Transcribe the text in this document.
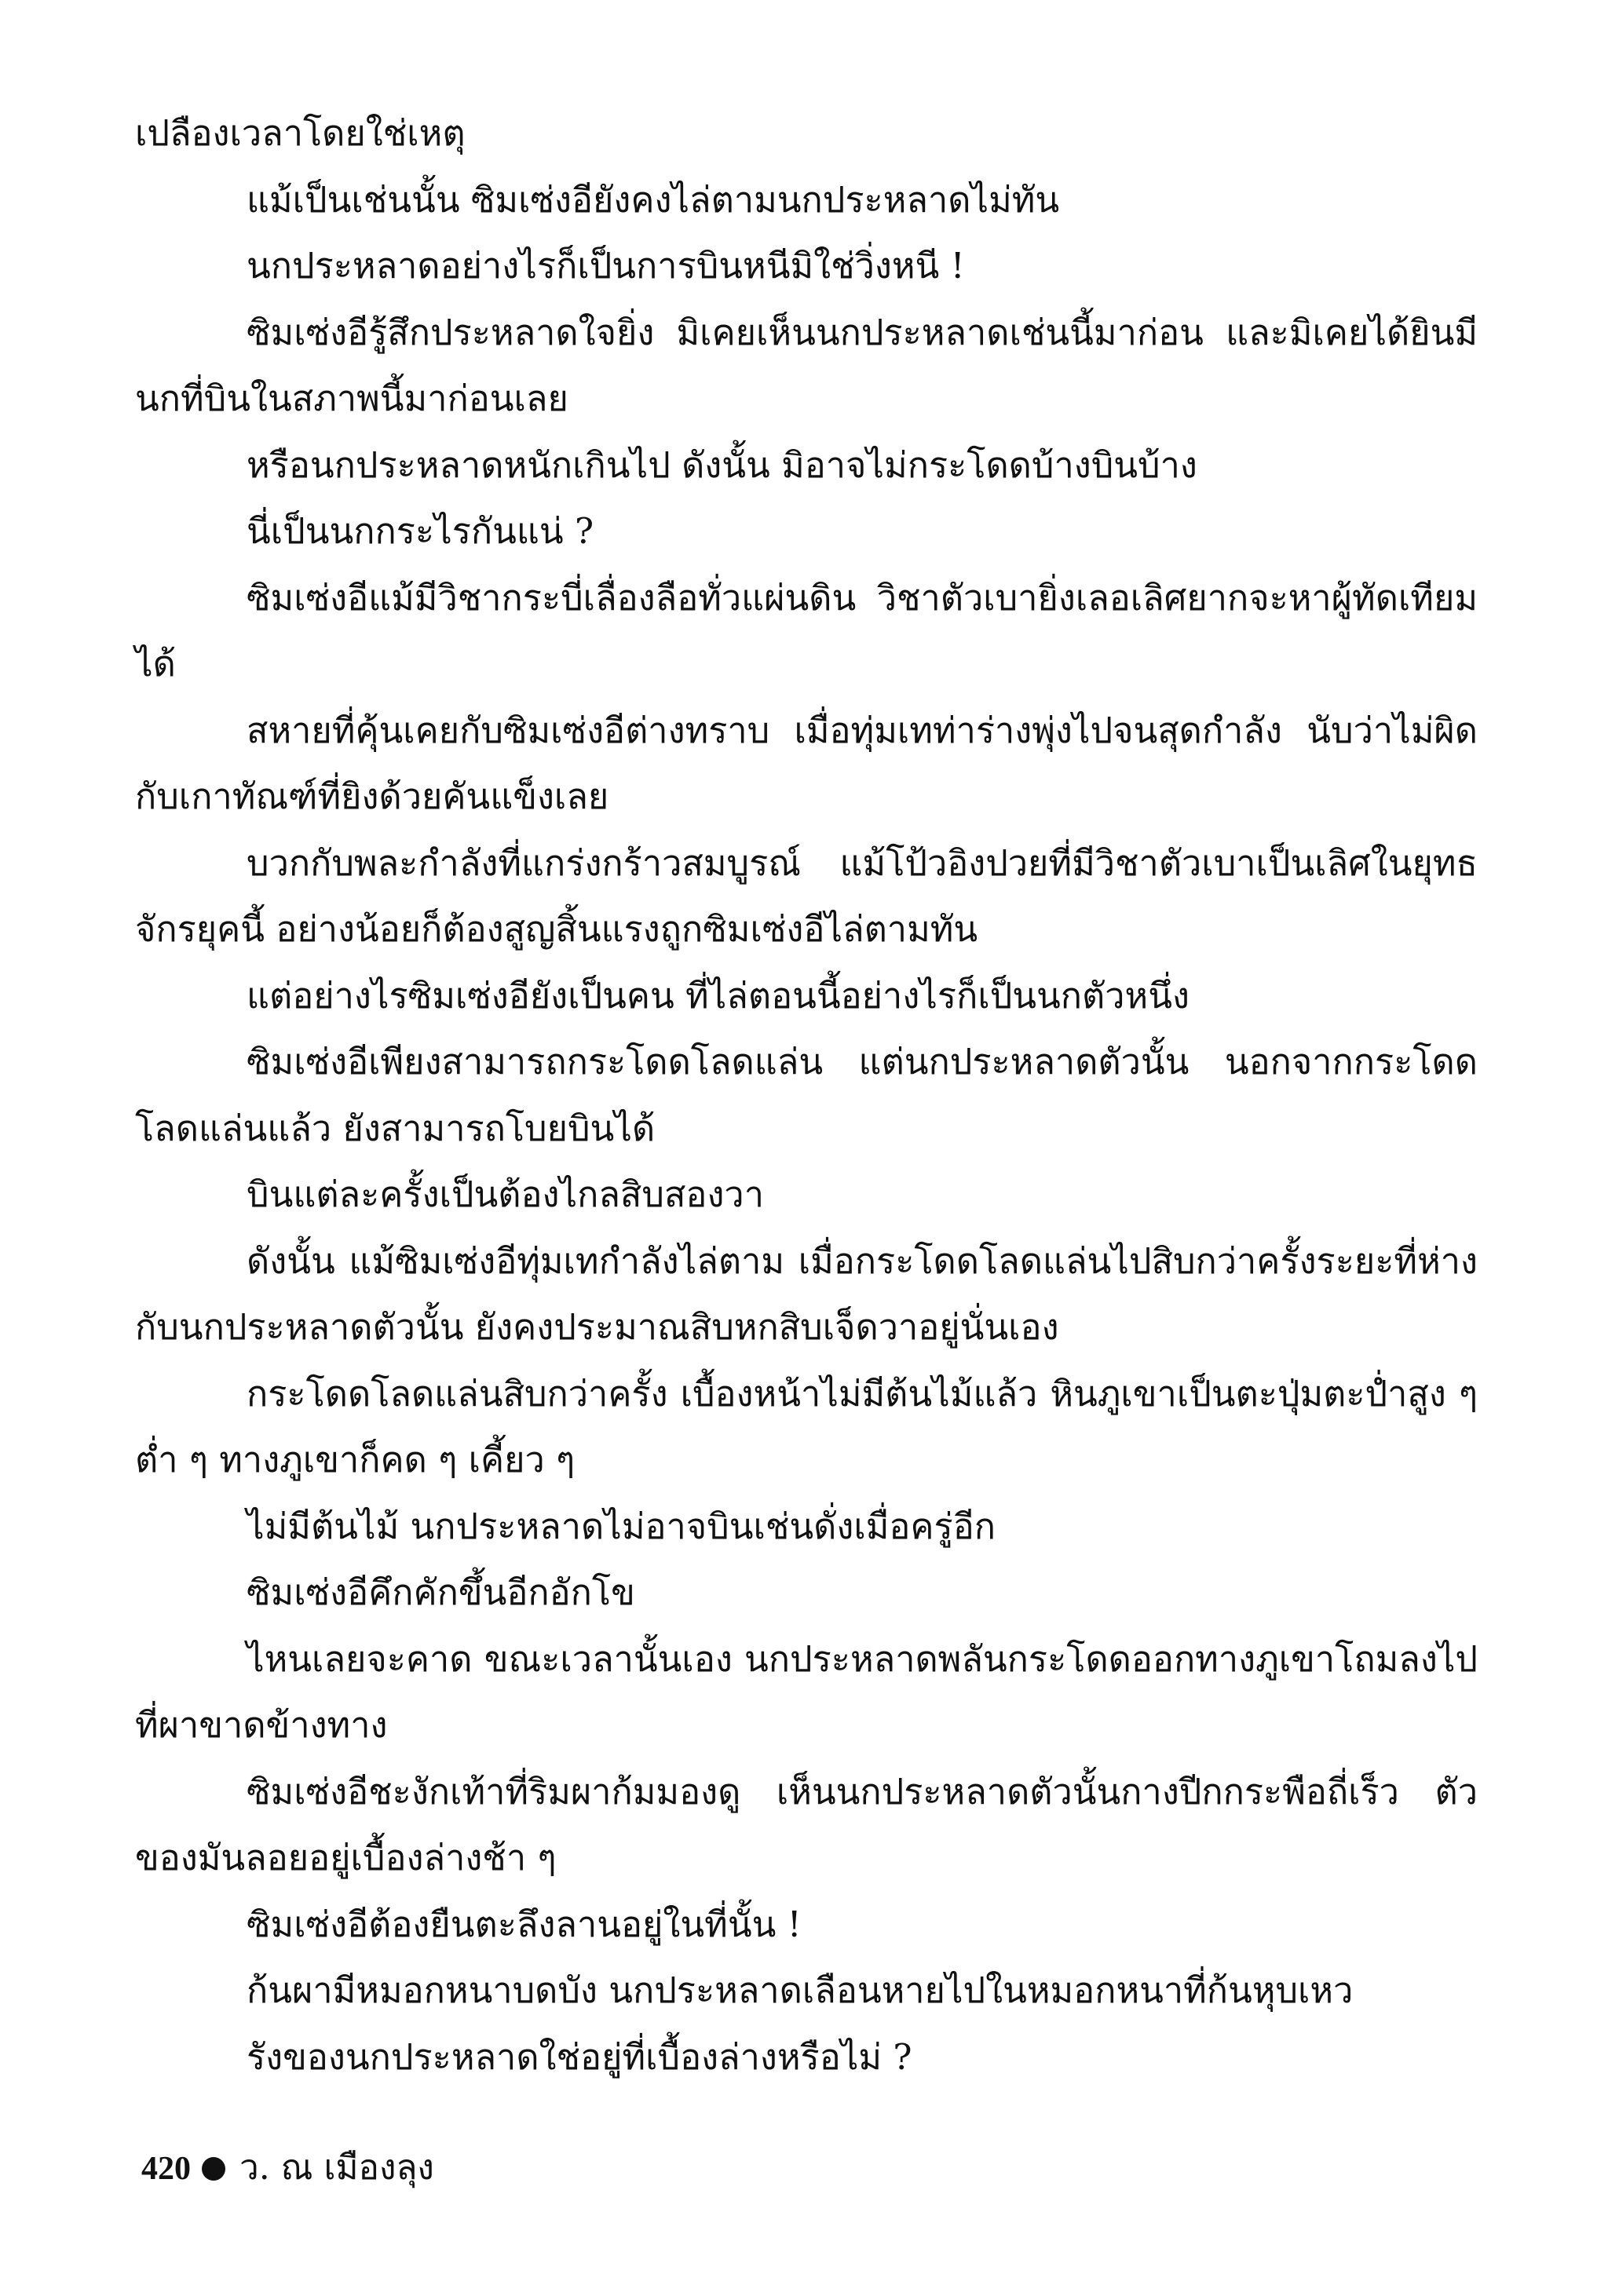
เปลืองเวลาโดยใช่เหตุ

แม้เป็นเช่นนั้น ซิมเซ่งอียังคงไล่ตามนกประหลาดไม่ทัน

นกประหลาดอย่างไรก็เป็นการบินหนีมิใช่วิ่งหนี !

ซิมเซ่งอีรู้สึกประหลาดใจยิ่ง มิเคยเห็นนกประหลาดเช่นนี้มาก่อน และมิเคยได้ยินมีนกที่บินในสภาพนี้มาก่อนเลย

หรือนกประหลาดหนักเกินไป ดังนั้น มิอาจไม่กระโดดบ้างบินบ้าง

นี่เป็นนกกระไรกันแน่ ?

ซิมเซ่งอีแม้มีวิชากระบี่เลื่องลือทั่วแผ่นดิน วิชาตัวเบายิ่งเลอเลิศยากจะหาผู้ทัดเทียมได้

สหายที่คุ้นเคยกับซิมเซ่งอีต่างทราบ เมื่อทุ่มเทท่าร่างพุ่งไปจนสุดกำลัง นับว่าไม่ผิดกับเกาทัณฑ์ที่ยิงด้วยคันแข็งเลย

บวกกับพละกำลังที่แกร่งกร้าวสมบูรณ์ แม้โป้วอิงปวยที่มีวิชาตัวเบาเป็นเลิศในยุทธจักรยุคนี้ อย่างน้อยก็ต้องสูญสิ้นแรงถูกซิมเซ่งอีไล่ตามทัน

แต่อย่างไรซิมเซ่งอียังเป็นคน ที่ไล่ตอนนี้อย่างไรก็เป็นนกตัวหนึ่ง

ซิมเซ่งอีเพียงสามารถกระโดดโลดแล่น แต่นกประหลาดตัวนั้น นอกจากกระโดดโลดแล่นแล้ว ยังสามารถโบยบินได้

บินแต่ละครั้งเป็นต้องไกลสิบสองวา

ดังนั้น แม้ซิมเซ่งอีทุ่มเทกำลังไล่ตาม เมื่อกระโดดโลดแล่นไปสิบกว่าครั้งระยะที่ห่างกับนกประหลาดตัวนั้น ยังคงประมาณสิบหกสิบเจ็ดวาอยู่นั่นเอง

กระโดดโลดแล่นสิบกว่าครั้ง เบื้องหน้าไม่มีต้นไม้แล้ว หินภูเขาเป็นตะปุ่มตะป่ำสูง ๆ ต่ำ ๆ ทางภูเขาก็คด ๆ เคี้ยว ๆ

ไม่มีต้นไม้ นกประหลาดไม่อาจบินเช่นดั่งเมื่อครู่อีก

ซิมเซ่งอีคึกคักขึ้นอีกอักโข

ไหนเลยจะคาด ขณะเวลานั้นเอง นกประหลาดพลันกระโดดออกทางภูเขาโถมลงไปที่ผาขาดข้างทาง

ซิมเซ่งอีชะงักเท้าที่ริมผาก้มมองดู เห็นนกประหลาดตัวนั้นกางปีกกระพือถี่เร็ว ตัวของมันลอยอยู่เบื้องล่างช้า ๆ

ซิมเซ่งอีต้องยืนตะลึงลานอยู่ในที่นั้น !

ก้นผามีหมอกหนาบดบัง นกประหลาดเลือนหายไปในหมอกหนาที่ก้นหุบเหว

รังของนกประหลาดใช่อยู่ที่เบื้องล่างหรือไม่ ?

420 ว. ณ เมืองลุง
